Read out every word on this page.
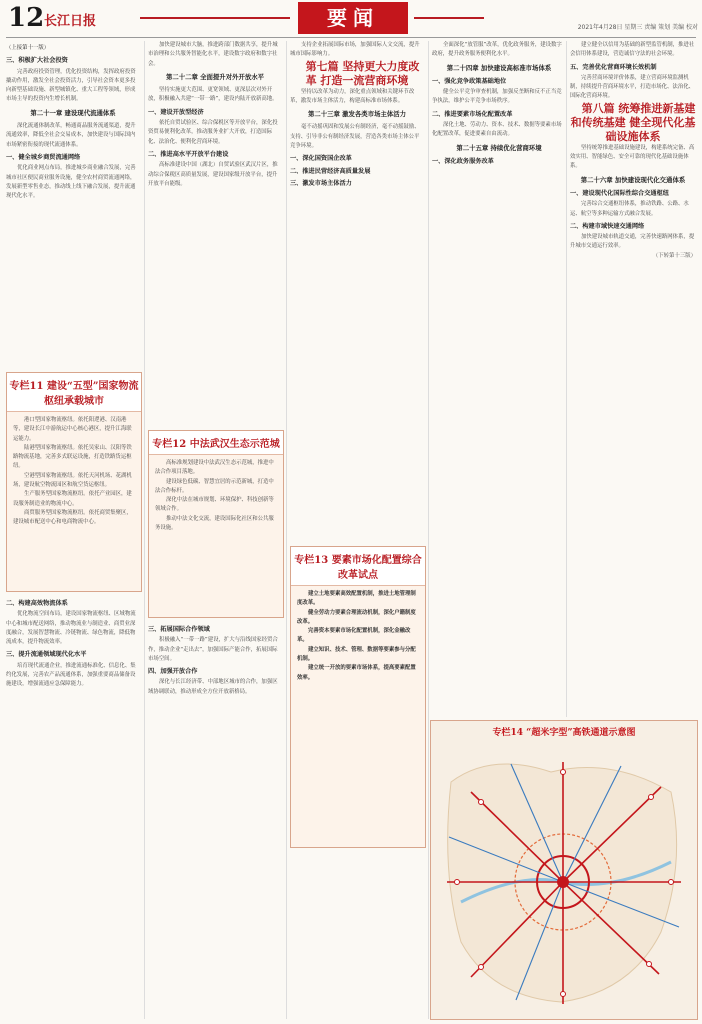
12 长江日报	要闻	2021年4月28日 星期三 责编 策划 美编 校对

（上接第十一版）

三、积极扩大社会投资

完善政府投资管理，优化投资结构，发挥政府投资撬动作用，激发全社会投资活力，引导社会资本更多投向新型基础设施、新型城镇化、重大工程等领域，形成市场主导的投资内生增长机制。

第二十一章 建设现代流通体系

深化流通体制改革，畅通商品服务流通渠道，提升流通效率，降低全社会交易成本，加快建设与国际国内市场紧密衔接的现代流通体系。

一、健全城乡商贸流通网络

优化商业网点布局，推进城乡商业融合发展，完善城市社区便民商业服务设施，健全农村商贸流通网络，发展新型零售业态，推动线上线下融合发展，提升流通现代化水平。

专栏11 建设“五型”国家物流枢纽承载城市

港口型国家物流枢纽。依托阳逻港、汉南港等，建设长江中游航运中心核心港区，提升江海联运能力。

陆港型国家物流枢纽。依托吴家山、汉阳等铁路物流基地，完善多式联运设施，打造铁路货运枢纽。

空港型国家物流枢纽。依托天河机场、花湖机场，建设航空物流园区和航空货运枢纽。

生产服务型国家物流枢纽。依托产业园区，建设服务制造业的物流中心。

商贸服务型国家物流枢纽。依托商贸集聚区，建设城市配送中心和电商物流中心。

二、构建高效物流体系

优化物流空间布局，建设国家物流枢纽、区域物流中心和城市配送网络，推动物流业与制造业、商贸业深度融合，发展智慧物流、冷链物流、绿色物流，降低物流成本，提升物流效率。

三、提升流通领域现代化水平

培育现代流通企业，推进流通标准化、信息化、集约化发展，完善农产品流通体系，加强重要商品储备设施建设，增强流通应急保障能力。

加快建设城市大脑，推进跨部门数据共享，提升城市治理和公共服务智能化水平，建设数字政府和数字社会。

第二十二章 全面提升对外开放水平

坚持实施更大范围、更宽领域、更深层次对外开放，积极融入共建“一带一路”，建设内陆开放新高地。

一、建设开放型经济

依托自贸试验区、综合保税区等开放平台，深化投资贸易便利化改革，推动服务业扩大开放，打造国际化、法治化、便利化营商环境。

二、推进高水平开放平台建设

高标准建设中国（湖北）自贸试验区武汉片区，推动综合保税区高质量发展，建设国家级开放平台，提升开放平台能级。

专栏12 中法武汉生态示范城

高标准规划建设中法武汉生态示范城，推进中法合作项目落地。

建设绿色低碳、智慧宜居的示范新城，打造中法合作标杆。

深化中法在城市规划、环境保护、科技创新等领域合作。

推动中法文化交流，建设国际化社区和公共服务设施。

三、拓展国际合作领域

积极融入“一带一路”建设，扩大与沿线国家经贸合作，推动企业“走出去”，加强国际产能合作，拓展国际市场空间。

四、加强开放合作

深化与长江经济带、中部地区城市的合作，加强区域协调联动，推动形成全方位开放新格局。

支持企业拓展国际市场，加强国际人文交流，提升城市国际影响力。

第七篇 坚持更大力度改革 打造一流营商环境

坚持以改革为动力，深化重点领域和关键环节改革，激发市场主体活力，构建高标准市场体系。

第二十三章 激发各类市场主体活力

毫不动摇巩固和发展公有制经济，毫不动摇鼓励、支持、引导非公有制经济发展，营造各类市场主体公平竞争环境。

一、深化国资国企改革

二、推进民营经济高质量发展

三、激发市场主体活力

专栏13 要素市场化配置综合改革试点

建立土地要素高效配置机制，推进土地管理制度改革。

健全劳动力要素合理流动机制，深化户籍制度改革。

完善资本要素市场化配置机制，深化金融改革。

建立知识、技术、管理、数据等要素参与分配机制。

建立统一开放的要素市场体系，提高要素配置效率。

全面深化“放管服”改革，优化政务服务，建设数字政府，提升政务服务便利化水平。

第二十四章 加快建设高标准市场体系

一、强化竞争政策基础地位

健全公平竞争审查机制，加强反垄断和反不正当竞争执法，维护公平竞争市场秩序。

二、推进要素市场化配置改革

深化土地、劳动力、资本、技术、数据等要素市场化配置改革，促进要素自由流动。

第二十五章 持续优化营商环境

一、深化政务服务改革

建立健全以信用为基础的新型监管机制，推进社会信用体系建设，营造诚信守法的社会环境。

五、完善优化营商环境长效机制

完善营商环境评价体系，建立营商环境监测机制，持续提升营商环境水平，打造市场化、法治化、国际化营商环境。

第八篇 统筹推进新基建和传统基建 健全现代化基础设施体系

坚持统筹推进基础设施建设，构建系统完备、高效实用、智能绿色、安全可靠的现代化基础设施体系。

第二十六章 加快建设现代化交通体系

一、建设现代化国际性综合交通枢纽

完善综合交通枢纽体系，推动铁路、公路、水运、航空等多种运输方式融合发展。

二、构建市域快速交通网络

加快建设城市轨道交通，完善快速路网体系，提升城市交通运行效率。

（下转第十三版）

专栏14 “超米字型”高铁通道示意图
